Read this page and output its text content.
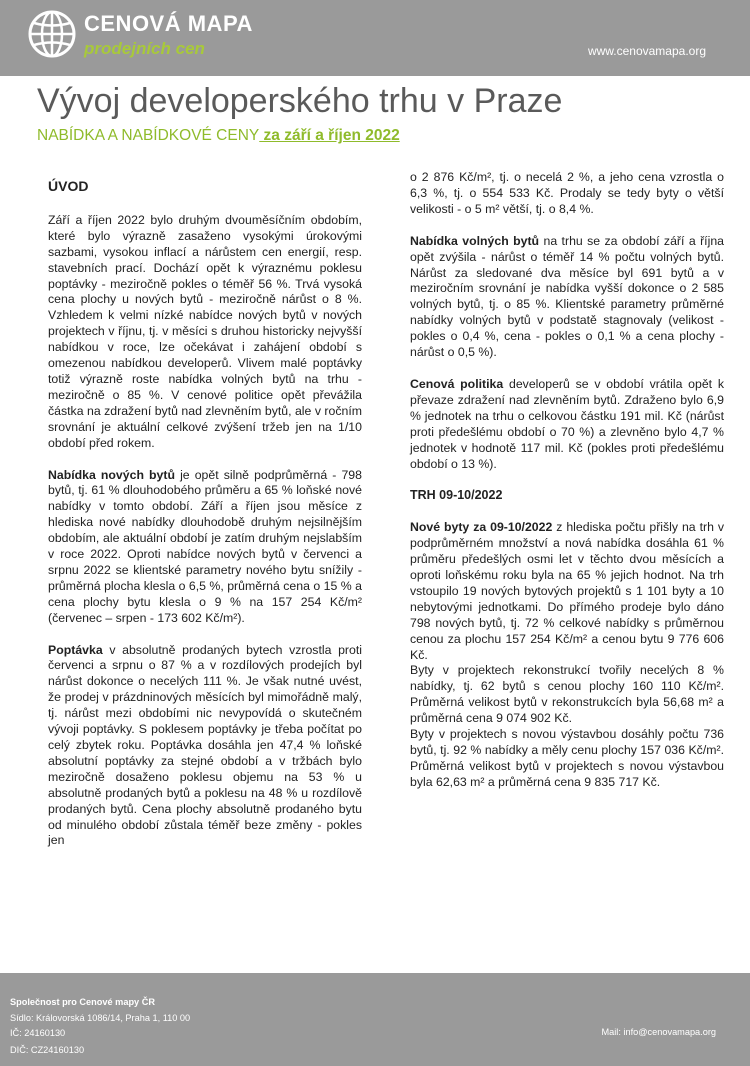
CENOVÁ MAPA
prodejních cen	www.cenovamapa.org
Vývoj developerského trhu v Praze
NABÍDKA A NABÍDKOVÉ CENY za září a říjen 2022
ÚVOD

Září a říjen 2022 bylo druhým dvouměsíčním obdobím, které bylo výrazně zasaženo vysokými úrokovými sazbami, vysokou inflací a nárůstem cen energií, resp. stavebních prací. Dochází opět k výraznému poklesu poptávky - meziročně pokles o téměř 56 %. Trvá vysoká cena plochy u nových bytů - meziročně nárůst o 8 %. Vzhledem k velmi nízké nabídce nových bytů v nových projektech v říjnu, tj. v měsíci s druhou historicky nejvyšší nabídkou v roce, lze očekávat i zahájení období s omezenou nabídkou developerů. Vlivem malé poptávky totiž výrazně roste nabídka volných bytů na trhu - meziročně o 85 %. V cenové politice opět převážila částka na zdražení bytů nad zlevněním bytů, ale v ročním srovnání je aktuální celkové zvýšení tržeb jen na 1/10 období před rokem.

Nabídka nových bytů je opět silně podprůměrná - 798 bytů, tj. 61 % dlouhodobého průměru a 65 % loňské nové nabídky v tomto období. Září a říjen jsou měsíce z hlediska nové nabídky dlouhodobě druhým nejsilnějším obdobím, ale aktuální období je zatím druhým nejslabším v roce 2022. Oproti nabídce nových bytů v červenci a srpnu 2022 se klientské parametry nového bytu snížily - průměrná plocha klesla o 6,5 %, průměrná cena o 15 % a cena plochy bytu klesla o 9 % na 157 254 Kč/m² (červenec – srpen - 173 602 Kč/m²).

Poptávka v absolutně prodaných bytech vzrostla proti červenci a srpnu o 87 % a v rozdílových prodejích byl nárůst dokonce o necelých 111 %. Je však nutné uvést, že prodej v prázdninových měsících byl mimořádně malý, tj. nárůst mezi obdobími nic nevypovídá o skutečném vývoji poptávky. S poklesem poptávky je třeba počítat po celý zbytek roku. Poptávka dosáhla jen 47,4 % loňské absolutní poptávky za stejné období a v tržbách bylo meziročně dosaženo poklesu objemu na 53 % u absolutně prodaných bytů a poklesu na 48 % u rozdílově prodaných bytů. Cena plochy absolutně prodaného bytu od minulého období zůstala téměř beze změny - pokles jen

o 2 876 Kč/m², tj. o necelá 2 %, a jeho cena vzrostla o 6,3 %, tj. o 554 533 Kč. Prodaly se tedy byty o větší velikosti - o 5 m² větší, tj. o 8,4 %.

Nabídka volných bytů na trhu se za období září a října opět zvýšila - nárůst o téměř 14 % počtu volných bytů. Nárůst za sledované dva měsíce byl 691 bytů a v meziročním srovnání je nabídka vyšší dokonce o 2 585 volných bytů, tj. o 85 %. Klientské parametry průměrné nabídky volných bytů v podstatě stagnovaly (velikost - pokles o 0,4 %, cena - pokles o 0,1 % a cena plochy - nárůst o 0,5 %).

Cenová politika developerů se v období vrátila opět k převaze zdražení nad zlevněním bytů. Zdraženo bylo 6,9 % jednotek na trhu o celkovou částku 191 mil. Kč (nárůst proti předešlému období o 70 %) a zlevněno bylo 4,7 % jednotek v hodnotě 117 mil. Kč (pokles proti předešlému období o 13 %).

TRH 09-10/2022
Nové byty za 09-10/2022 z hlediska počtu přišly na trh v podprůměrném množství a nová nabídka dosáhla 61 % průměru předešlých osmi let v těchto dvou měsících a oproti loňskému roku byla na 65 % jejich hodnot. Na trh vstoupilo 19 nových bytových projektů s 1 101 byty a 10 nebytovými jednotkami. Do přímého prodeje bylo dáno 798 nových bytů, tj. 72 % celkové nabídky s průměrnou cenou za plochu 157 254 Kč/m² a cenou bytu 9 776 606 Kč.
Byty v projektech rekonstrukcí tvořily necelých 8 % nabídky, tj. 62 bytů s cenou plochy 160 110 Kč/m². Průměrná velikost bytů v rekonstrukcích byla 56,68 m² a průměrná cena 9 074 902 Kč.
Byty v projektech s novou výstavbou dosáhly počtu 736 bytů, tj. 92 % nabídky a měly cenu plochy 157 036 Kč/m². Průměrná velikost bytů v projektech s novou výstavbou byla 62,63 m² a průměrná cena 9 835 717 Kč.
Společnost pro Cenové mapy ČR
Sídlo: Královorská 1086/14, Praha 1, 110 00
IČ: 24160130
DIČ: CZ24160130
Mail: info@cenovamapa.org
